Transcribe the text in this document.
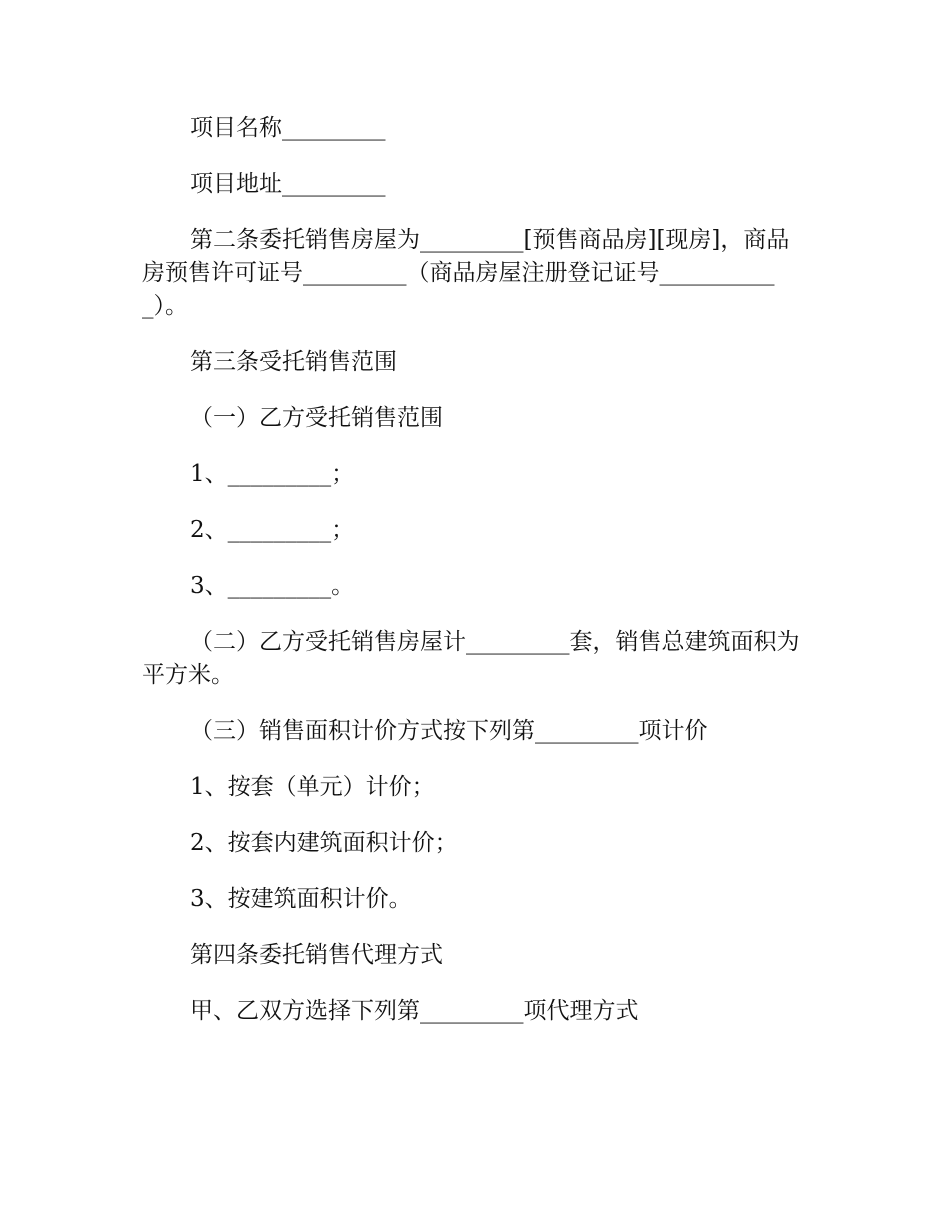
项目名称_________

项目地址_________

第二条委托销售房屋为_________[预售商品房][现房]，商品房预售许可证号_________（商品房屋注册登记证号___________）。

第三条受托销售范围

（一）乙方受托销售范围

1、_________；

2、_________；

3、_________。

（二）乙方受托销售房屋计_________套，销售总建筑面积为平方米。

（三）销售面积计价方式按下列第_________项计价

1、按套（单元）计价；

2、按套内建筑面积计价；

3、按建筑面积计价。

第四条委托销售代理方式

甲、乙双方选择下列第_________项代理方式
